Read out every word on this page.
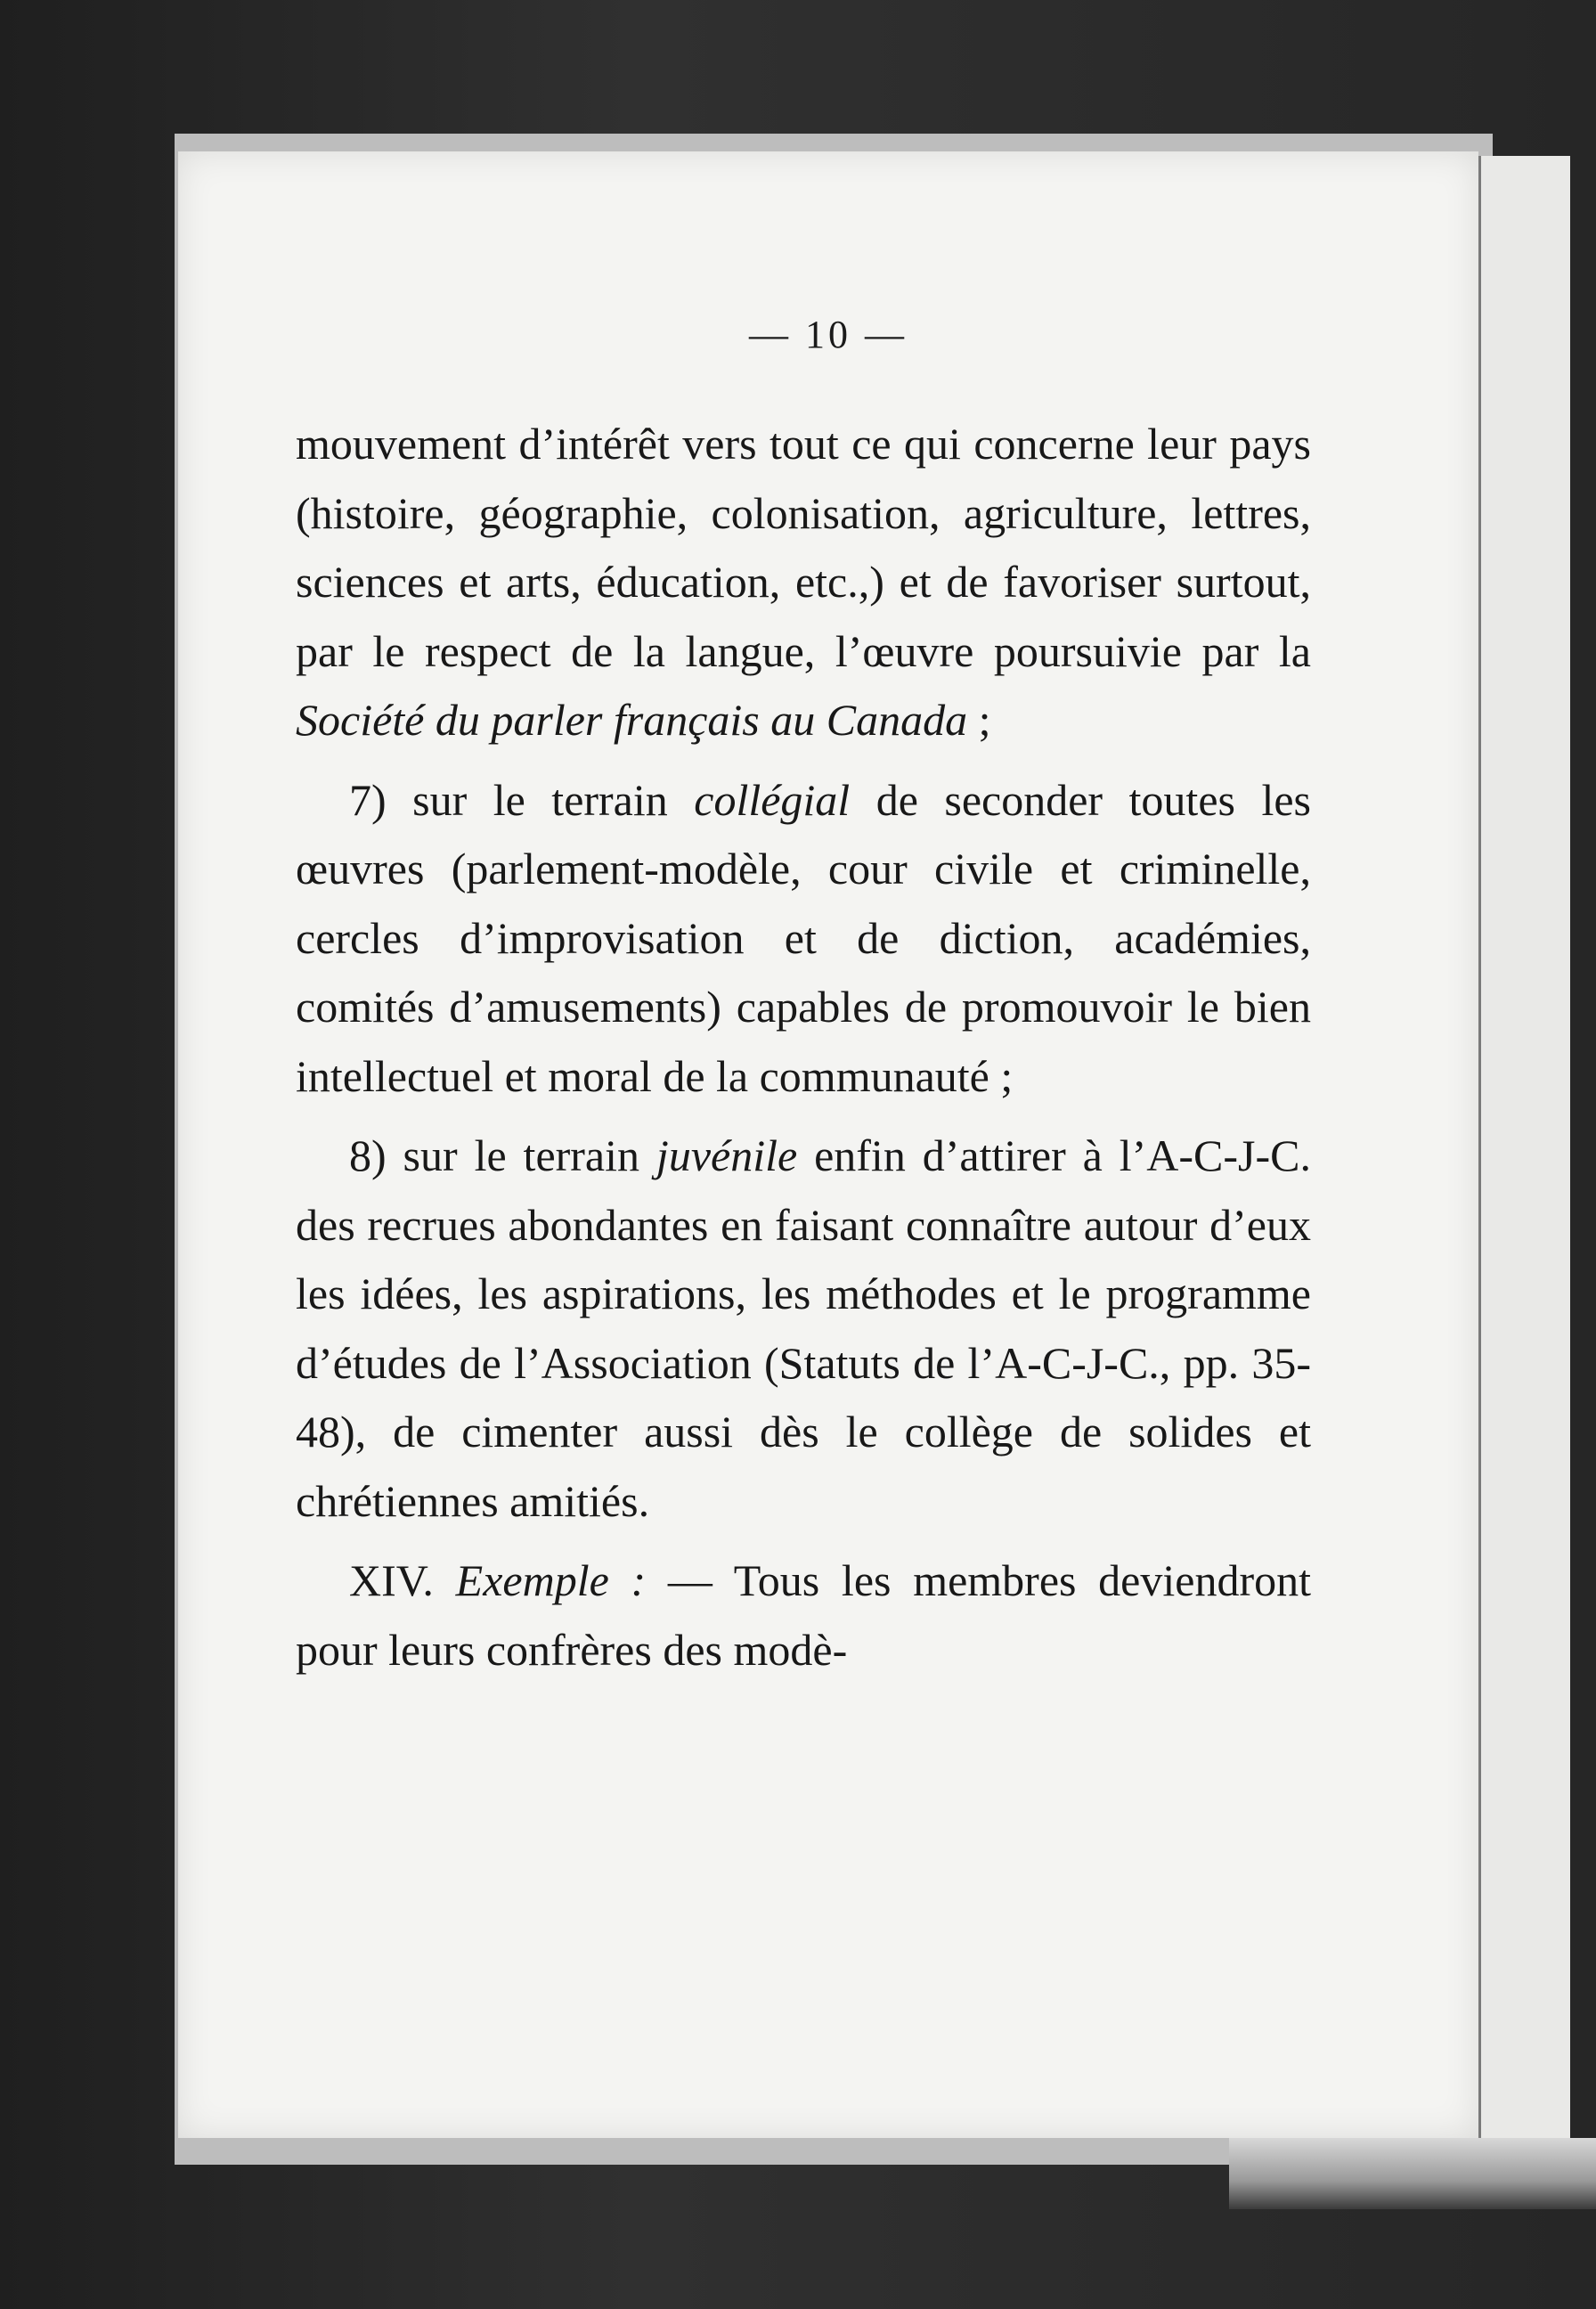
— 10 —

mouvement d’intérêt vers tout ce qui concerne leur pays (histoire, géographie, colonisation, agriculture, lettres, sciences et arts, éducation, etc.,) et de favoriser surtout, par le respect de la langue, l’œuvre poursuivie par la Société du parler français au Canada ;

7) sur le terrain collégial de seconder toutes les œuvres (parlement-modèle, cour civile et criminelle, cercles d’improvisation et de diction, académies, comités d’amusements) capables de promouvoir le bien intellectuel et moral de la communauté ;

8) sur le terrain juvénile enfin d’attirer à l’A-C-J-C. des recrues abondantes en faisant connaître autour d’eux les idées, les aspirations, les méthodes et le programme d’études de l’Association (Statuts de l’A-C-J-C., pp. 35-48), de cimenter aussi dès le collège de solides et chrétiennes amitiés.

XIV. Exemple : — Tous les membres deviendront pour leurs confrères des modè-
